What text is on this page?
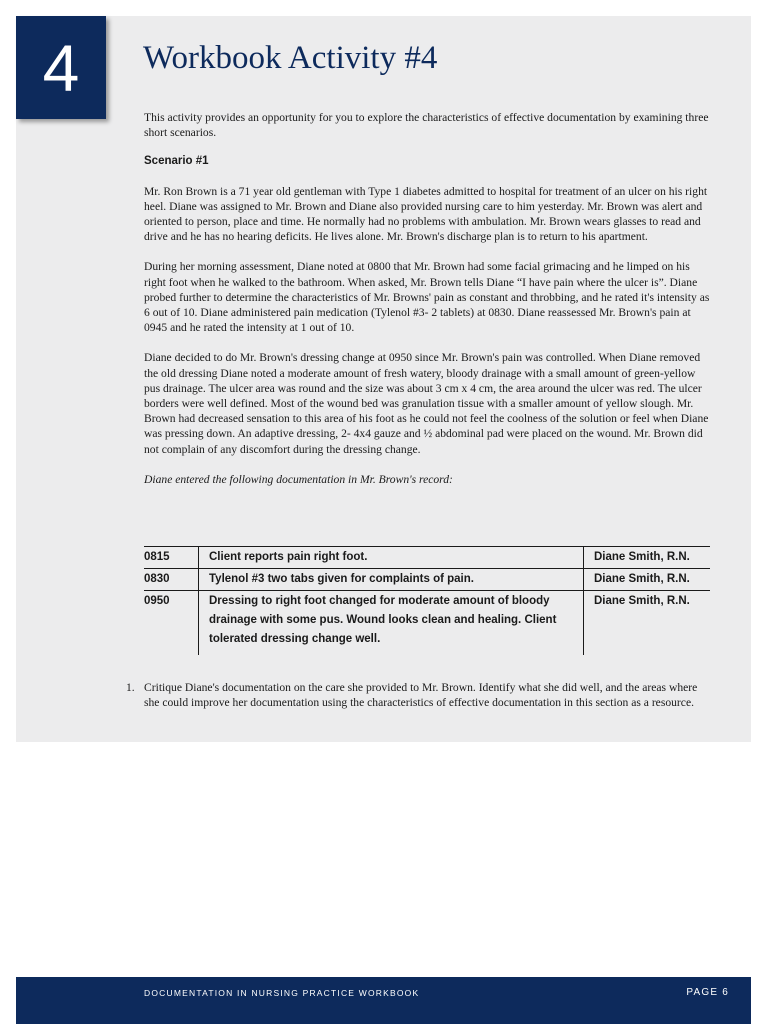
4 Workbook Activity #4

This activity provides an opportunity for you to explore the characteristics of effective documentation by examining three short scenarios.

Scenario #1

Mr. Ron Brown is a 71 year old gentleman with Type 1 diabetes admitted to hospital for treatment of an ulcer on his right heel. Diane was assigned to Mr. Brown and Diane also provided nursing care to him yesterday. Mr. Brown was alert and oriented to person, place and time. He normally had no problems with ambulation. Mr. Brown wears glasses to read and drive and he has no hearing deficits. He lives alone. Mr. Brown's discharge plan is to return to his apartment.

During her morning assessment, Diane noted at 0800 that Mr. Brown had some facial grimacing and he limped on his right foot when he walked to the bathroom. When asked, Mr. Brown tells Diane “I have pain where the ulcer is”. Diane probed further to determine the characteristics of Mr. Browns' pain as constant and throbbing, and he rated it's intensity as 6 out of 10. Diane administered pain medication (Tylenol #3- 2 tablets) at 0830. Diane reassessed Mr. Brown's pain at 0945 and he rated the intensity at 1 out of 10.

Diane decided to do Mr. Brown's dressing change at 0950 since Mr. Brown's pain was controlled. When Diane removed the old dressing Diane noted a moderate amount of fresh watery, bloody drainage with a small amount of green-yellow pus drainage. The ulcer area was round and the size was about 3 cm x 4 cm, the area around the ulcer was red. The ulcer borders were well defined. Most of the wound bed was granulation tissue with a smaller amount of yellow slough. Mr. Brown had decreased sensation to this area of his foot as he could not feel the coolness of the solution or feel when Diane was pressing down. An adaptive dressing, 2- 4x4 gauze and ½ abdominal pad were placed on the wound. Mr. Brown did not complain of any discomfort during the dressing change.

Diane entered the following documentation in Mr. Brown's record:

0815	Client reports pain right foot.	Diane Smith, R.N.
0830	Tylenol #3 two tabs given for complaints of pain.	Diane Smith, R.N.
0950	Dressing to right foot changed for moderate amount of bloody drainage with some pus. Wound looks clean and healing. Client tolerated dressing change well.	Diane Smith, R.N.
1. Critique Diane's documentation on the care she provided to Mr. Brown. Identify what she did well, and the areas where she could improve her documentation using the characteristics of effective documentation in this section as a resource.
DOCUMENTATION IN NURSING PRACTICE WORKBOOK	PAGE 6
